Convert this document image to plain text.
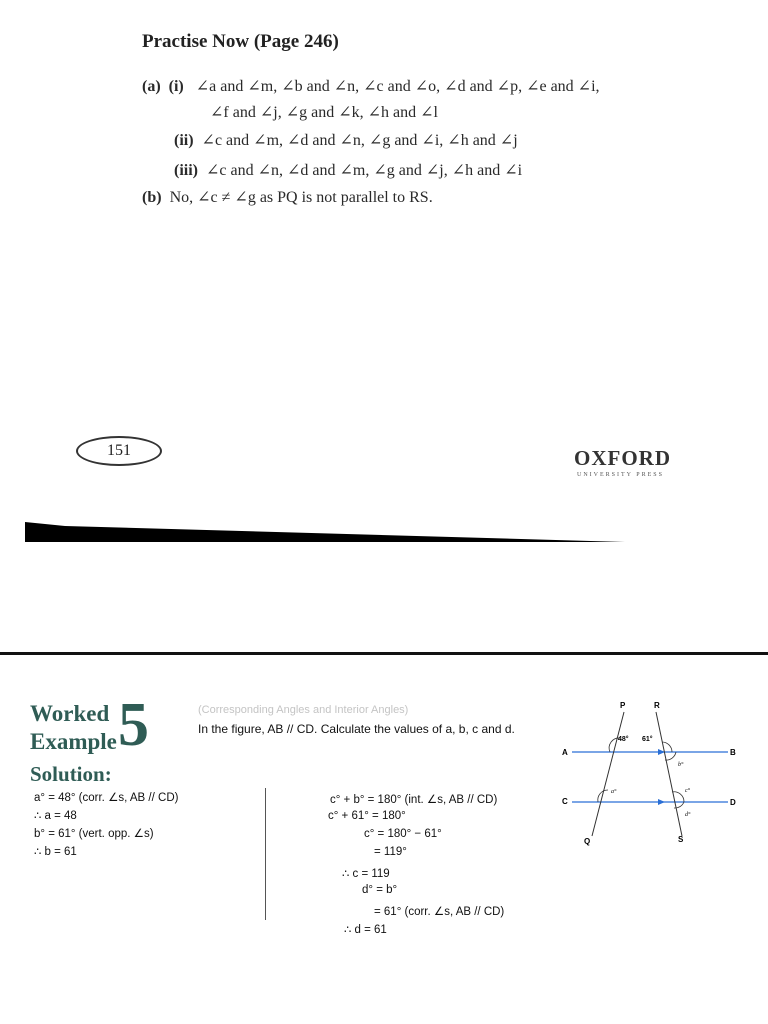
Practise Now (Page 246)
(a) (i) ∠a and ∠m, ∠b and ∠n, ∠c and ∠o, ∠d and ∠p, ∠e and ∠i,
∠f and ∠j, ∠g and ∠k, ∠h and ∠l
(ii) ∠c and ∠m, ∠d and ∠n, ∠g and ∠i, ∠h and ∠j
(iii) ∠c and ∠n, ∠d and ∠m, ∠g and ∠j, ∠h and ∠i
(b) No, ∠c ≠ ∠g as PQ is not parallel to RS.
151	OXFORD
UNIVERSITY PRESS
Worked
Example 5	(Corresponding Angles and Interior Angles)
In the figure, AB // CD. Calculate the values of a, b, c and d.
Solution:
a° = 48° (corr. ∠s, AB // CD)
∴ a = 48
b° = 61° (vert. opp. ∠s)
∴ b = 61
c° + b° = 180° (int. ∠s, AB // CD)
c° + 61° = 180°
c° = 180° − 61°
= 119°
∴ c = 119
d° = b°
= 61° (corr. ∠s, AB // CD)
∴ d = 61
P	R
A	B
C	D
Q	S
48° 61°
a°
b°
c°
d°
